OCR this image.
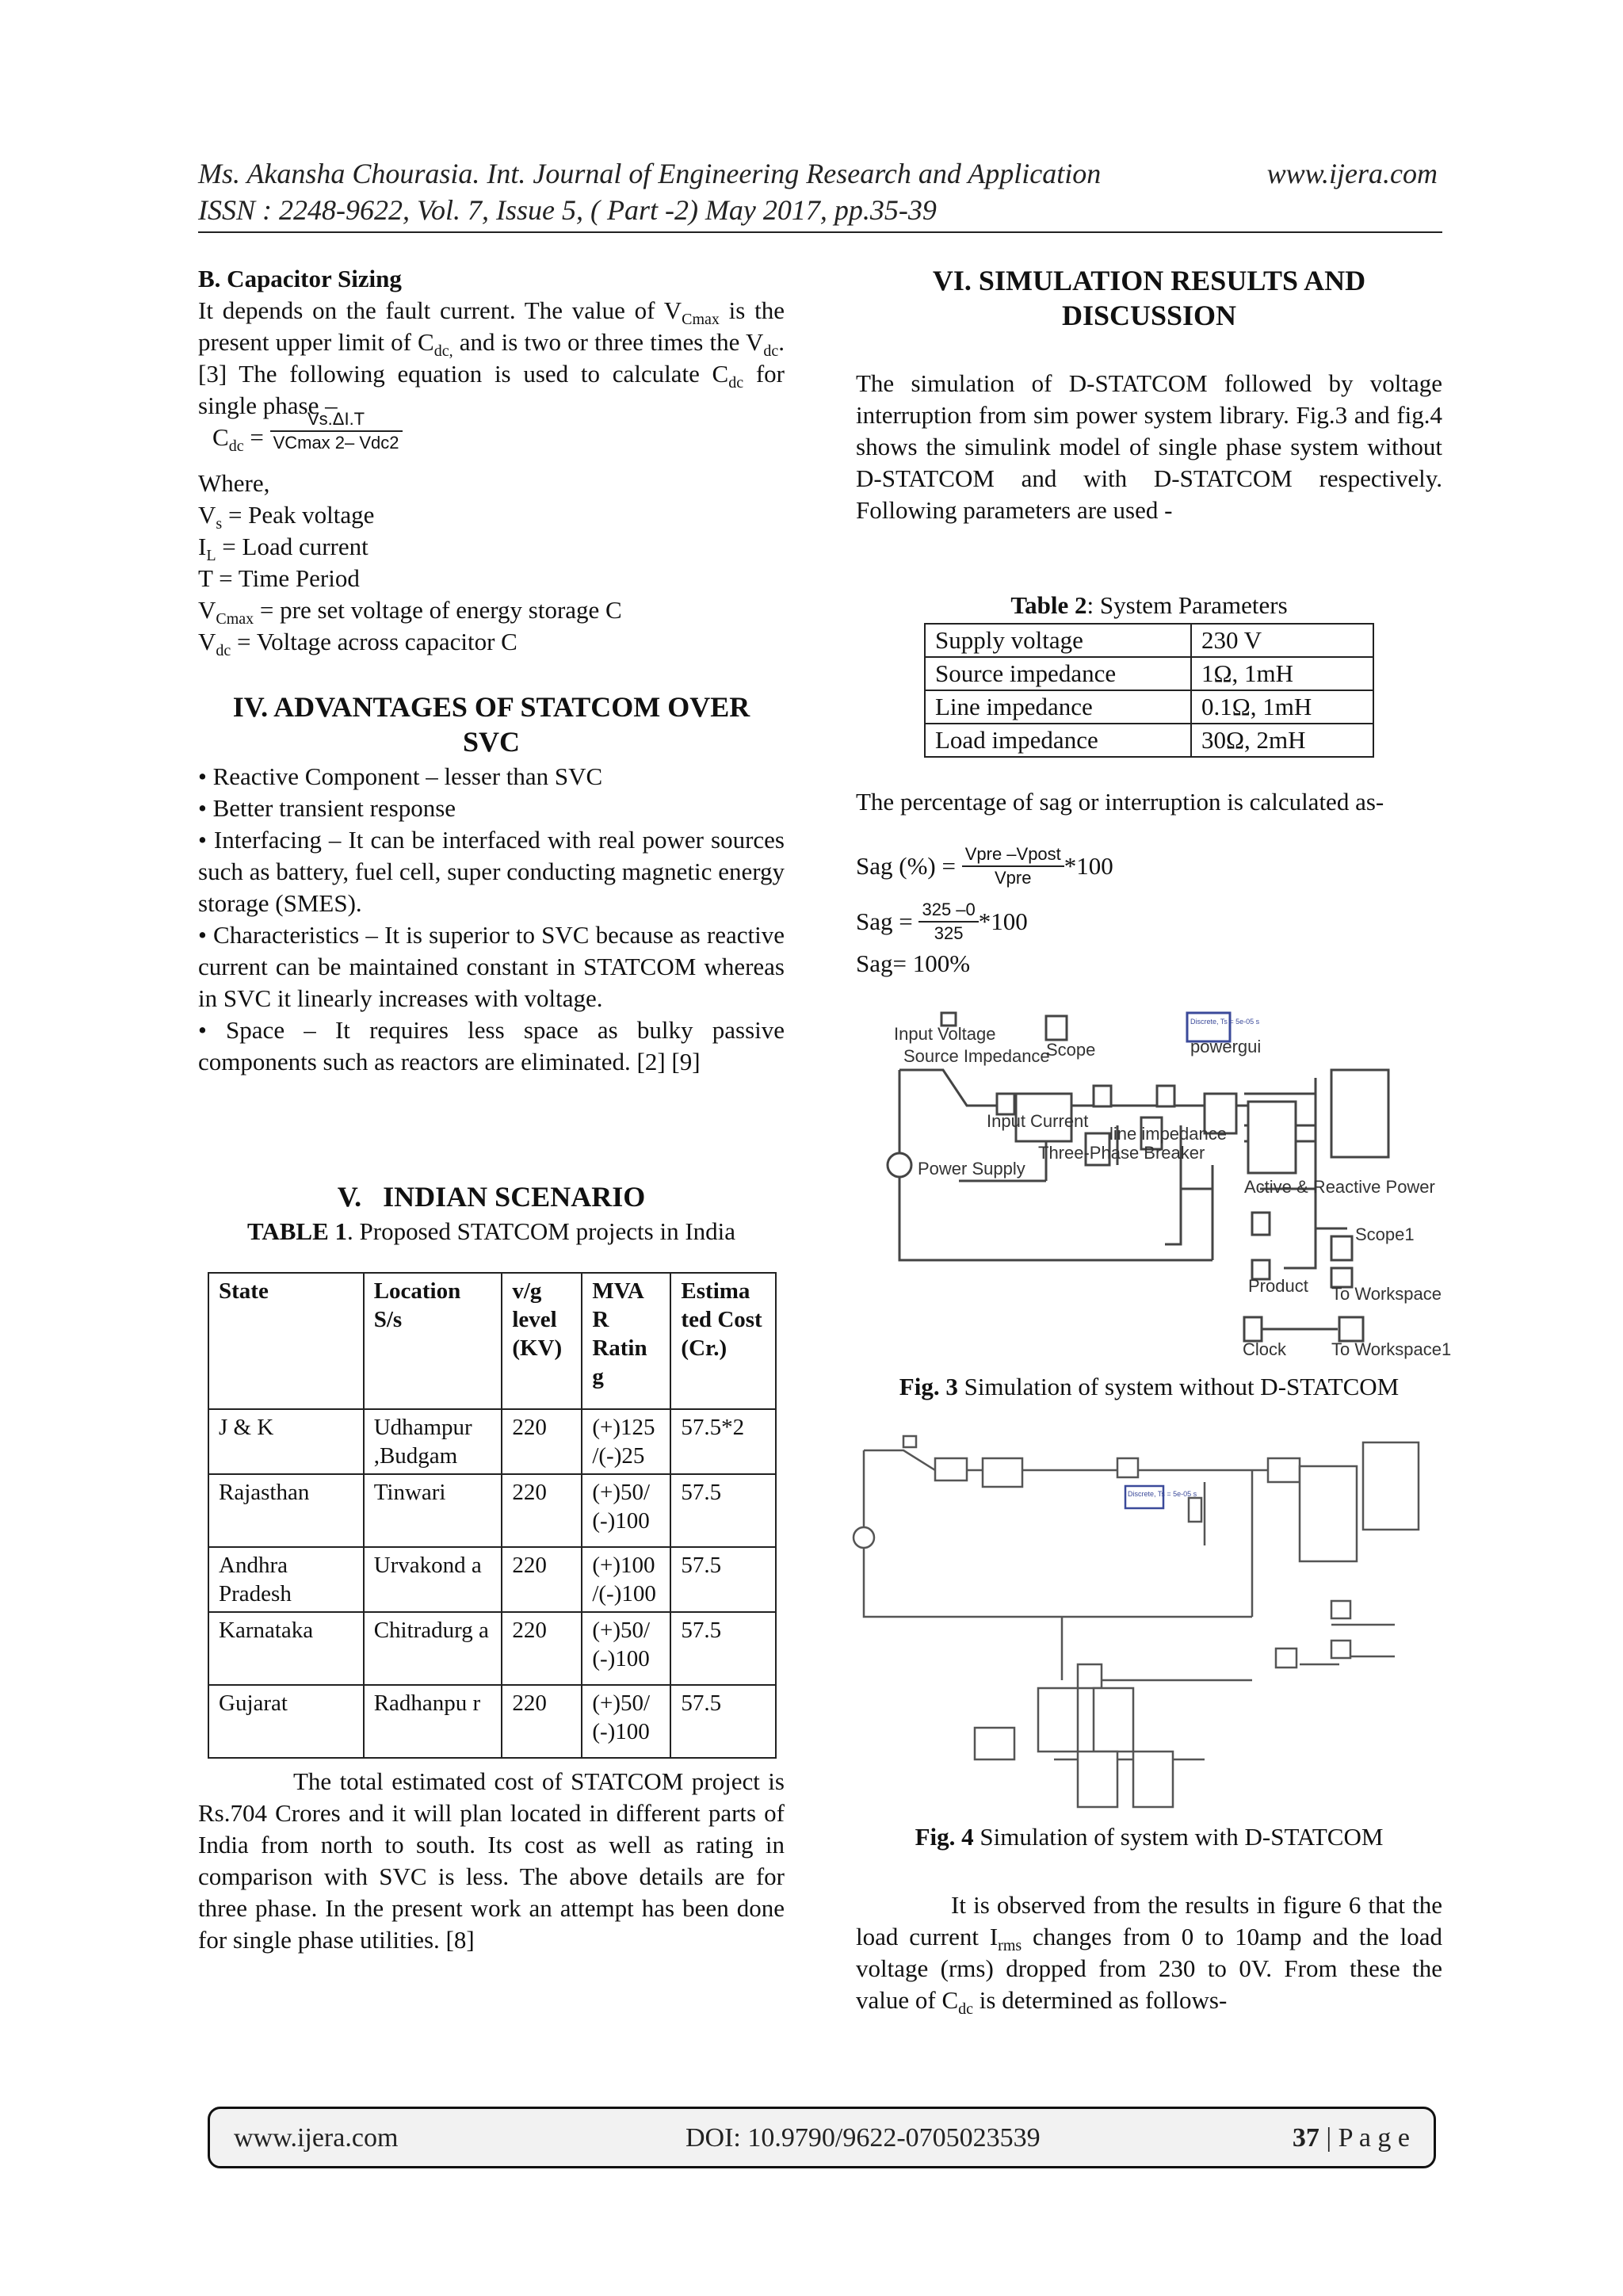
Ms. Akansha Chourasia. Int. Journal of Engineering Research and Application	www.ijera.com
ISSN : 2248-9622, Vol. 7, Issue 5, ( Part -2) May 2017, pp.35-39
B. Capacitor Sizing
It depends on the fault current. The value of $V_{Cmax}$ is the present upper limit of $C_{dc,}$ and is two or three times the $V_{dc}$. [3] The following equation is used to calculate $C_{dc}$ for single phase –
$C_{dc} = \frac{Vs.\Delta I.T}{\text{VCmax 2– Vdc2}}$
Where,
$V_s$ = Peak voltage
$I_L$ = Load current
T = Time Period
$V_{Cmax}$ = pre set voltage of energy storage C
$V_{dc}$ = Voltage across capacitor C
IV. ADVANTAGES OF STATCOM OVER
SVC
• Reactive Component – lesser than SVC
• Better transient response
• Interfacing – It can be interfaced with real power sources such as battery, fuel cell, super conducting magnetic energy storage (SMES).
• Characteristics – It is superior to SVC because as reactive current can be maintained constant in STATCOM whereas in SVC it linearly increases with voltage.
• Space – It requires less space as bulky passive components such as reactors are eliminated. [2] [9]
V.   INDIAN SCENARIO
TABLE 1. Proposed STATCOM projects in India
State	Location S/s	v/g level (KV)	MVA R Ratin g	Estima ted Cost (Cr.)
J & K	Udhampur ,Budgam	220	(+)125 /(-)25	57.5*2
Rajasthan	Tinwari	220	(+)50/ (-)100	57.5
Andhra Pradesh	Urvakond a	220	(+)100 /(-)100	57.5
Karnataka	Chitradurg a	220	(+)50/ (-)100	57.5
Gujarat	Radhanpu r	220	(+)50/ (-)100	57.5
The total estimated cost of STATCOM project is Rs.704 Crores and it will plan located in different parts of India from north to south. Its cost as well as rating in comparison with SVC is less. The above details are for three phase. In the present work an attempt has been done for single phase utilities. [8]
VI. SIMULATION RESULTS AND
DISCUSSION
The simulation of D-STATCOM followed by voltage interruption from sim power system library. Fig.3 and fig.4 shows the simulink model of single phase system without D-STATCOM and with D-STATCOM respectively. Following parameters are used -
Table 2: System Parameters
Supply voltage	230 V
Source impedance	1Ω, 1mH
Line impedance	0.1Ω, 1mH
Load impedance	30Ω, 2mH
The percentage of sag or interruption is calculated as-
Sag (%) = $\frac{\text{Vpre –Vpost}}{\text{Vpre}} *100$
Sag = $\frac{325 -0}{325} *100$
Sag= 100%
Input Voltage
Source Impedance
Scope
Discrete, Ts = 5e-05 s
powergui
Input Current
Three-Phase Breaker
line impedance
Power Supply
Active & Reactive Power
Scope1
Product To Workspace
Clock	To Workspace1
Fig. 3 Simulation of system without D-STATCOM
Discrete, Ts = 5e-05 s
Fig. 4 Simulation of system with D-STATCOM
It is observed from the results in figure 6 that the load current $I_{rms}$ changes from 0 to 10amp and the load voltage (rms) dropped from 230 to 0V. From these the value of $C_{dc}$ is determined as follows-
www.ijera.com	DOI: 10.9790/9622-0705023539	37 | P a g e
